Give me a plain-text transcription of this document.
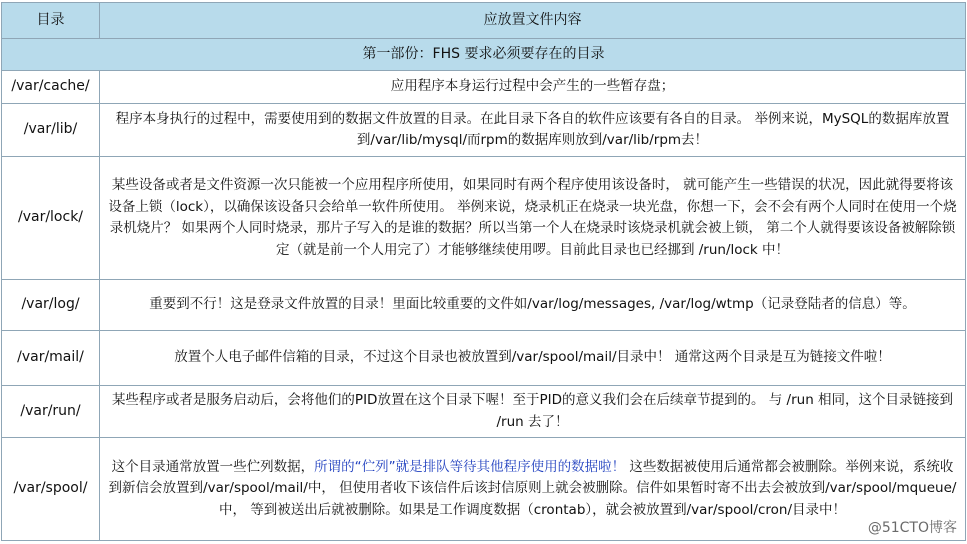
目录	应放置文件内容
第一部份：FHS 要求必须要存在的目录	
/var/cache/	应用程序本身运行过程中会产生的一些暂存盘；
/var/lib/	程序本身执行的过程中，需要使用到的数据文件放置的目录。在此目录下各自的软件应该要有各自的目录。 举例来说，MySQL的数据库放置到/var/lib/mysql/而rpm的数据库则放到/var/lib/rpm去！
/var/lock/	某些设备或者是文件资源一次只能被一个应用程序所使用，如果同时有两个程序使用该设备时， 就可能产生一些错误的状况，因此就得要将该设备上锁（lock），以确保该设备只会给单一软件所使用。 举例来说，烧录机正在烧录一块光盘，你想一下，会不会有两个人同时在使用一个烧录机烧片？ 如果两个人同时烧录，那片子写入的是谁的数据？所以当第一个人在烧录时该烧录机就会被上锁， 第二个人就得要该设备被解除锁定（就是前一个人用完了）才能够继续使用啰。目前此目录也已经挪到 /run/lock 中！
/var/log/	重要到不行！这是登录文件放置的目录！里面比较重要的文件如/var/log/messages, /var/log/wtmp（记录登陆者的信息）等。
/var/mail/	放置个人电子邮件信箱的目录，不过这个目录也被放置到/var/spool/mail/目录中！ 通常这两个目录是互为链接文件啦！
/var/run/	某些程序或者是服务启动后，会将他们的PID放置在这个目录下喔！至于PID的意义我们会在后续章节提到的。 与 /run 相同，这个目录链接到 /run 去了！
/var/spool/	这个目录通常放置一些伫列数据，所谓的“伫列”就是排队等待其他程序使用的数据啦！ 这些数据被使用后通常都会被删除。举例来说，系统收到新信会放置到/var/spool/mail/中， 但使用者收下该信件后该封信原则上就会被删除。信件如果暂时寄不出去会被放到/var/spool/mqueue/中， 等到被送出后就被删除。如果是工作调度数据（crontab），就会被放置到/var/spool/cron/目录中！
@51CTO博客
